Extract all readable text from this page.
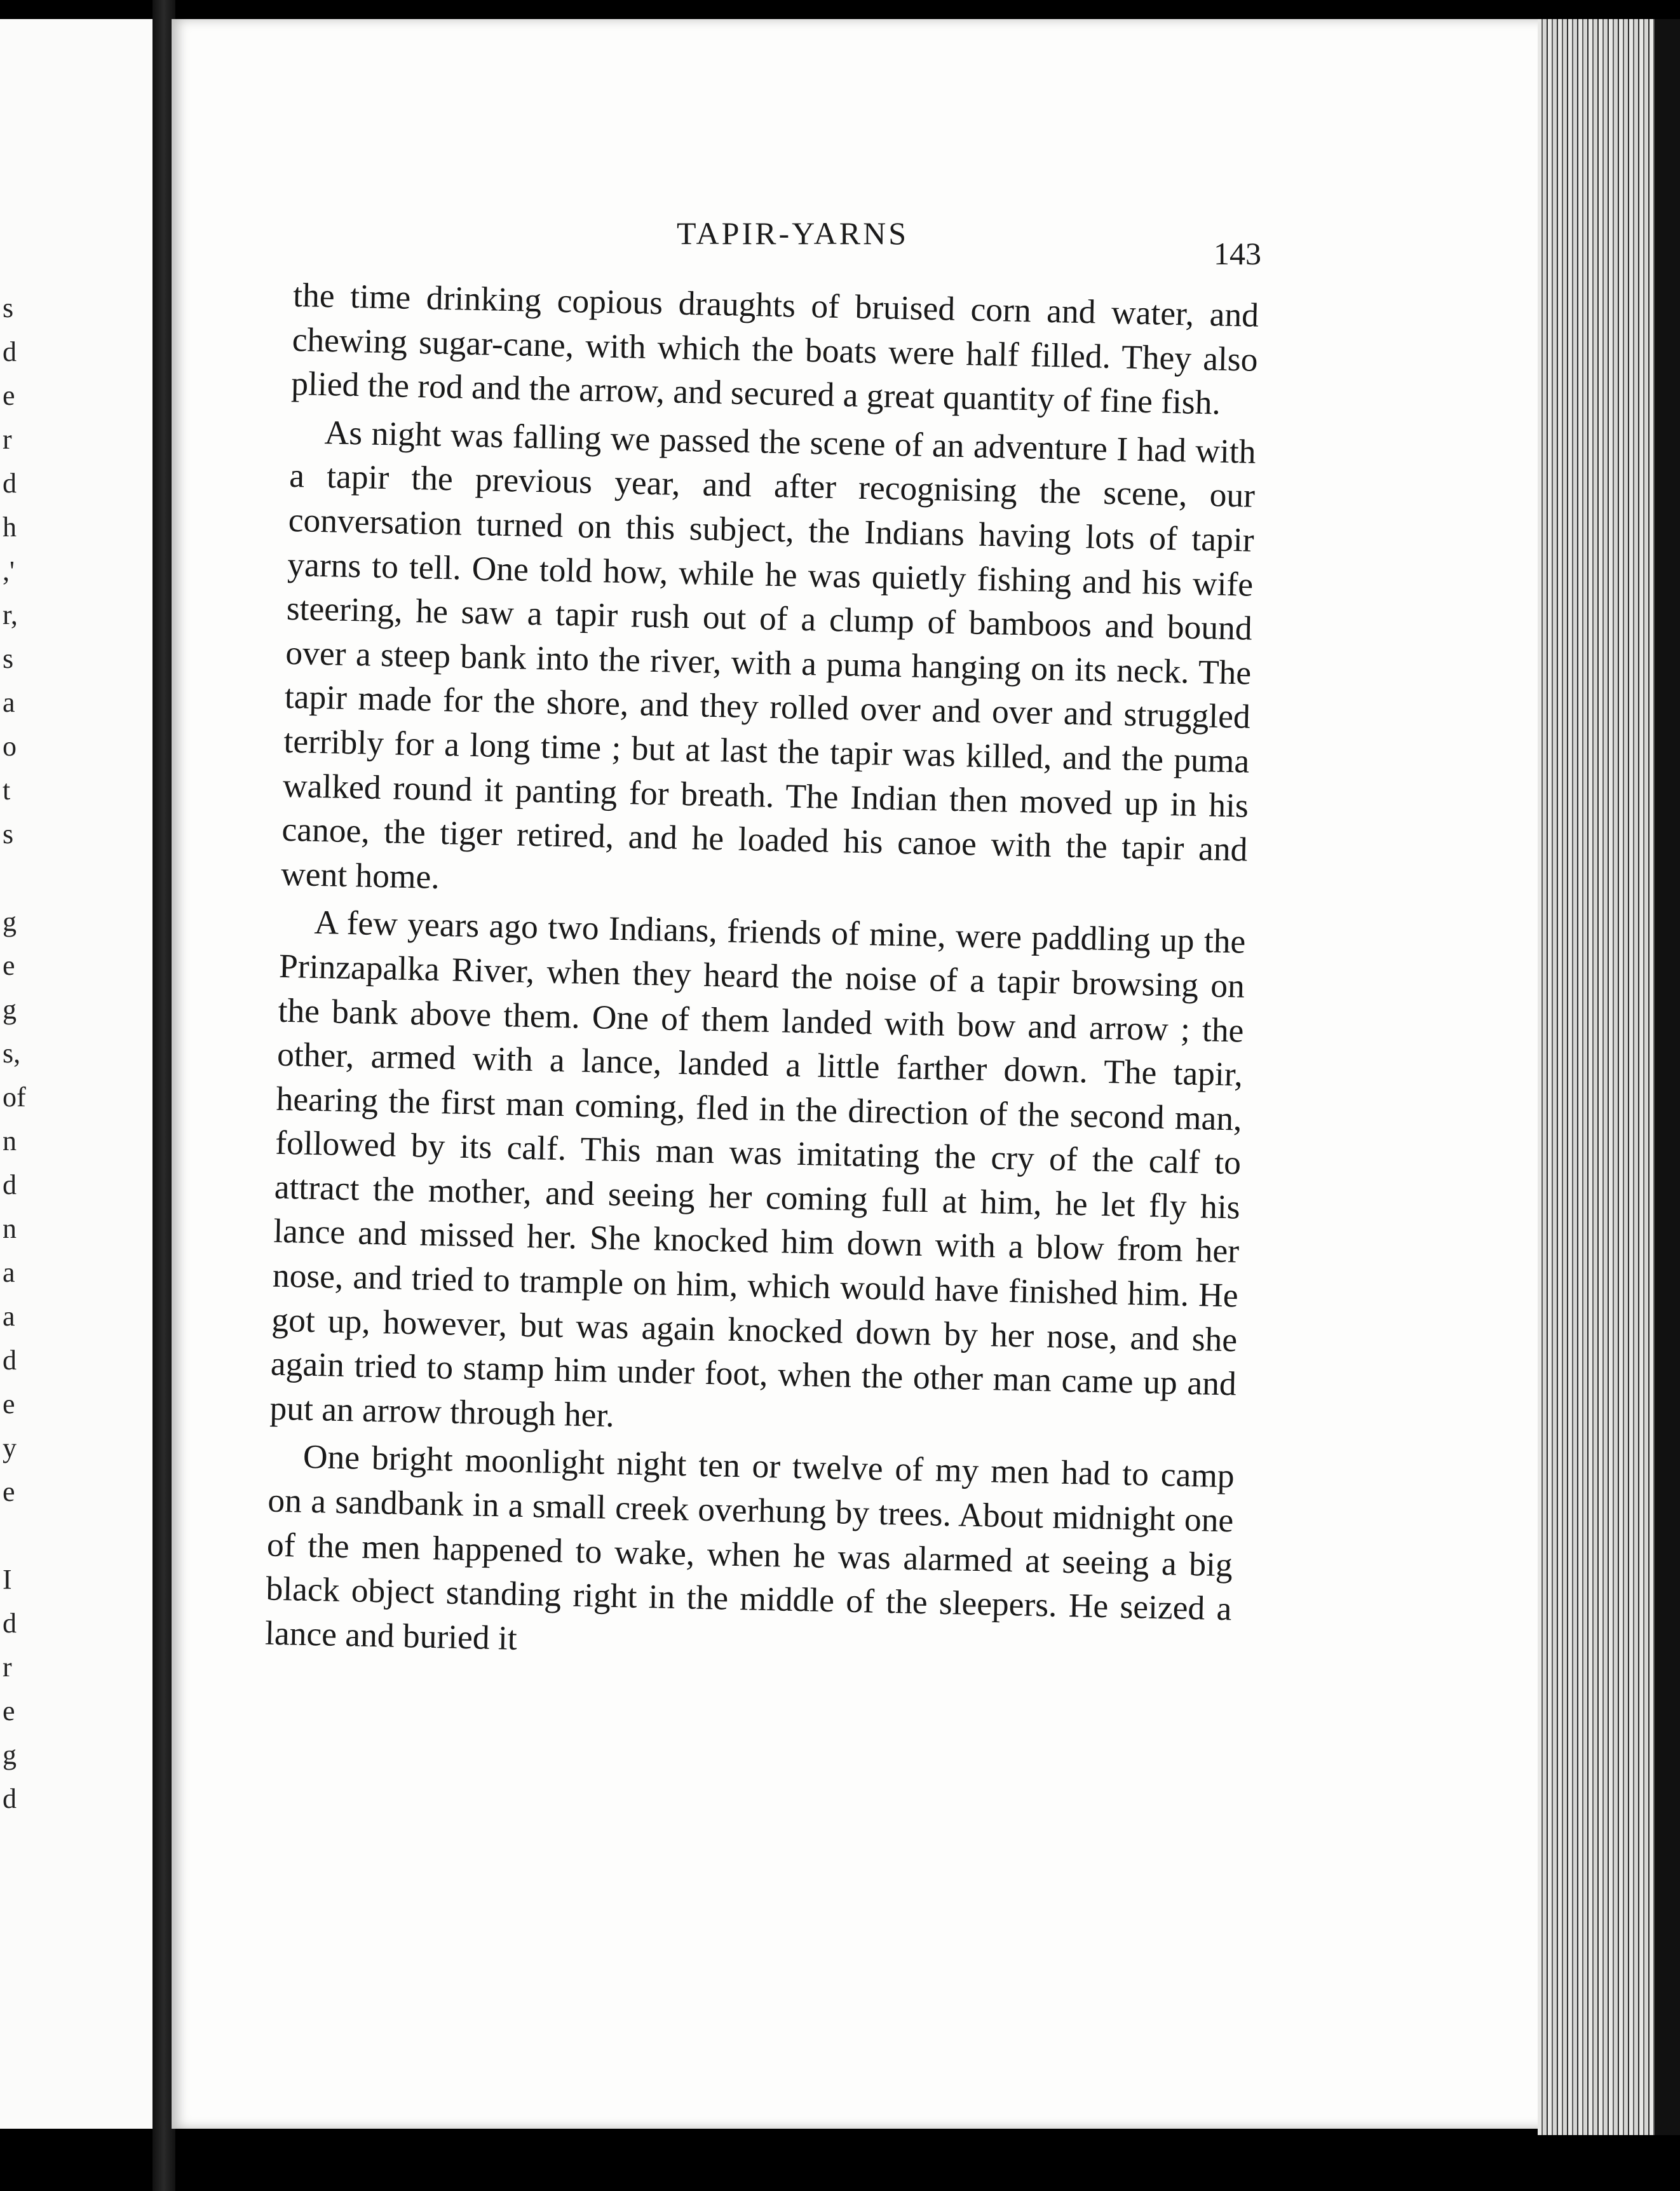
s
d
e
r
d
h
,'
r,
s
a
o
t
s

g
e
g
s,
of
n
d
n
a
a
d
e
y
e

I
d
r
e
g
d
TAPIR-YARNS
143

the time drinking copious draughts of bruised corn and water, and chewing sugar-cane, with which the boats were half filled. They also plied the rod and the arrow, and secured a great quantity of fine fish.

As night was falling we passed the scene of an adventure I had with a tapir the previous year, and after recognising the scene, our conversation turned on this subject, the Indians having lots of tapir yarns to tell. One told how, while he was quietly fishing and his wife steering, he saw a tapir rush out of a clump of bamboos and bound over a steep bank into the river, with a puma hanging on its neck. The tapir made for the shore, and they rolled over and over and struggled terribly for a long time ; but at last the tapir was killed, and the puma walked round it panting for breath. The Indian then moved up in his canoe, the tiger retired, and he loaded his canoe with the tapir and went home.

A few years ago two Indians, friends of mine, were paddling up the Prinzapalka River, when they heard the noise of a tapir browsing on the bank above them. One of them landed with bow and arrow ; the other, armed with a lance, landed a little farther down. The tapir, hearing the first man coming, fled in the direction of the second man, followed by its calf. This man was imitating the cry of the calf to attract the mother, and seeing her coming full at him, he let fly his lance and missed her. She knocked him down with a blow from her nose, and tried to trample on him, which would have finished him. He got up, however, but was again knocked down by her nose, and she again tried to stamp him under foot, when the other man came up and put an arrow through her.

One bright moonlight night ten or twelve of my men had to camp on a sandbank in a small creek overhung by trees. About midnight one of the men happened to wake, when he was alarmed at seeing a big black object standing right in the middle of the sleepers. He seized a lance and buried it
